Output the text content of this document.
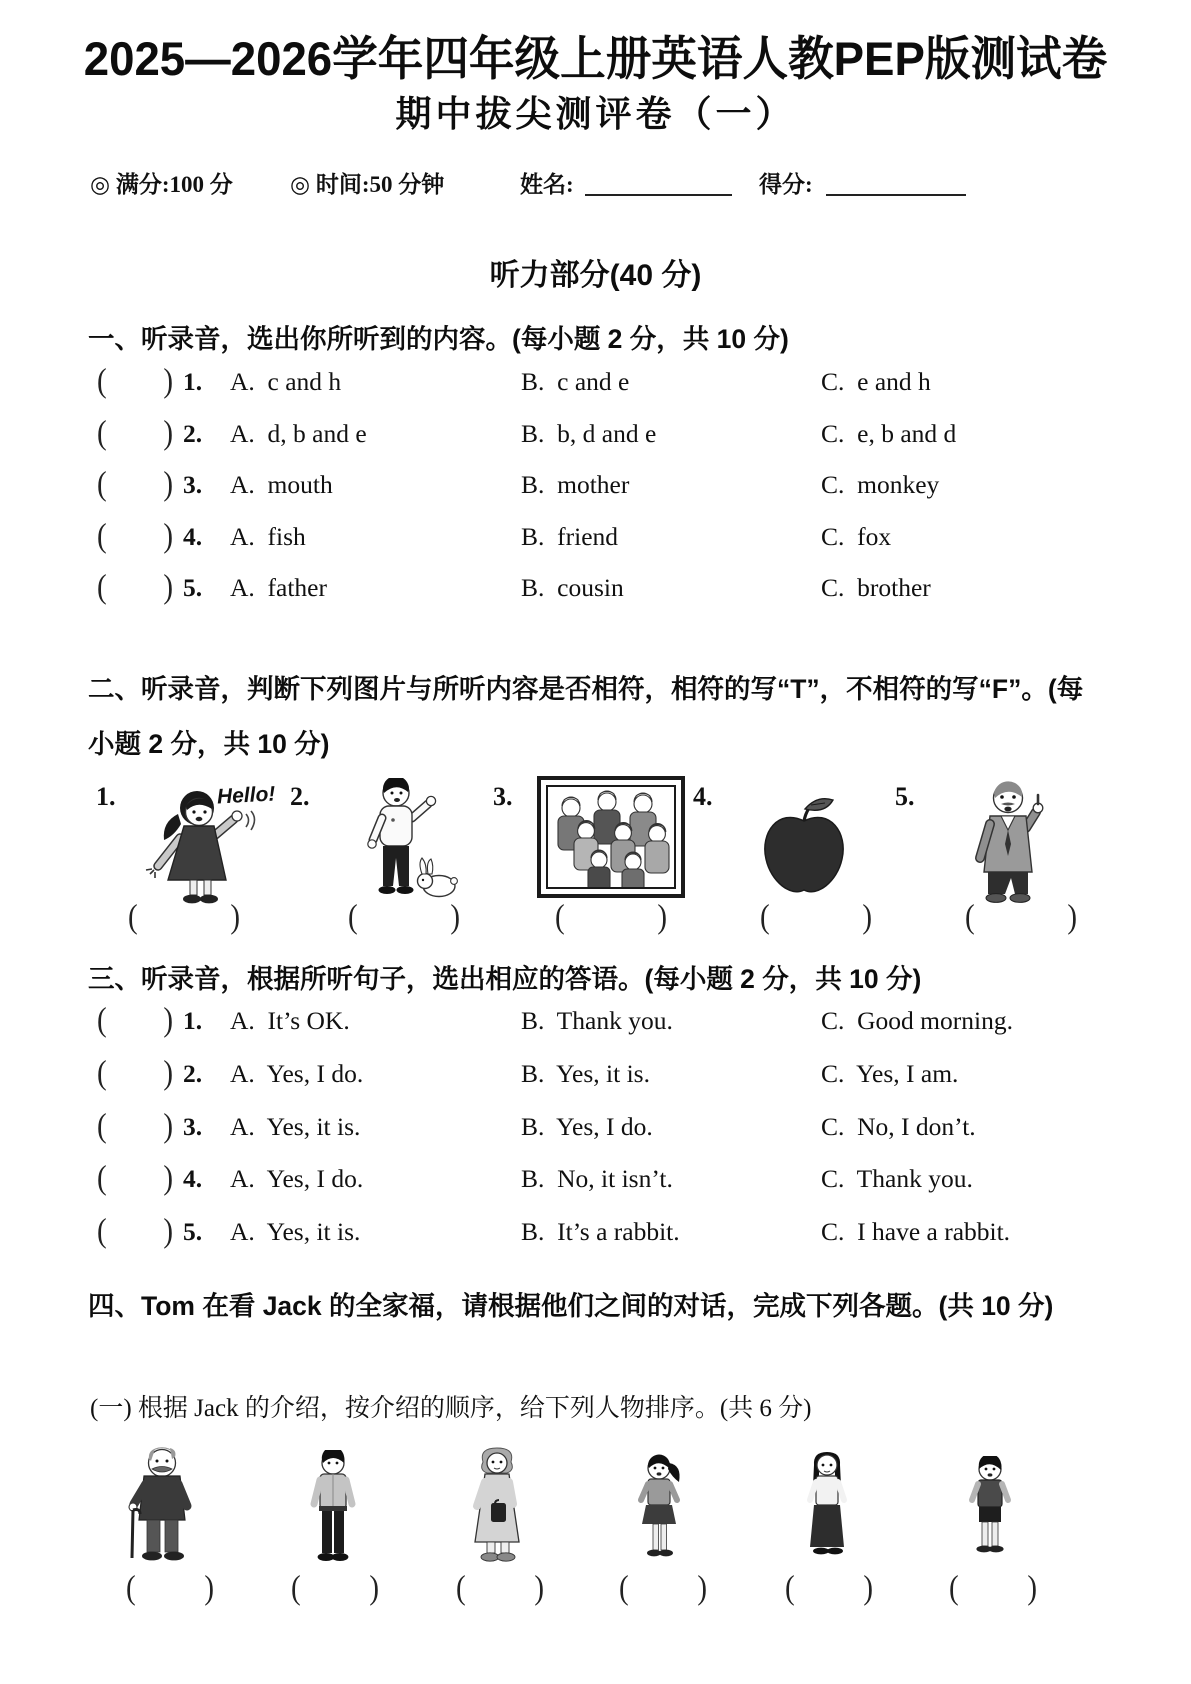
2025—2026学年四年级上册英语人教PEP版测试卷
期中拔尖测评卷（一）

◎ 满分:100 分

◎ 时间:50 分钟

	姓名:

	得分:

听力部分(40 分)
一、听录音，选出你所听到的内容。(每小题 2 分，共 10 分)
( ) 1. A.  c and h	B.  c and e	C.  e and h
( ) 2. A.  d, b and e	B.  b, d and e	C.  e, b and d
( ) 3. A.  mouth	B.  mother	C.  monkey
( ) 4. A.  fish	B.  friend	C.  fox
( ) 5. A.  father	B.  cousin	C.  brother
二、听录音，判断下列图片与所听内容是否相符，相符的写“T”，不相符的写“F”。(每小题 2 分，共 10 分)
1.	2.	3.	4.	5.
Hello!
(	)	(	)	(	)	(	)	(	)
三、听录音，根据所听句子，选出相应的答语。(每小题 2 分，共 10 分)
( ) 1. A.  It’s OK.	B.  Thank you.	C.  Good morning.
( ) 2. A.  Yes, I do.	B.  Yes, it is.	C.  Yes, I am.
( ) 3. A.  Yes, it is.	B.  Yes, I do.	C.  No, I don’t.
( ) 4. A.  Yes, I do.	B.  No, it isn’t.	C.  Thank you.
( ) 5. A.  Yes, it is.	B.  It’s a rabbit.	C.  I have a rabbit.
四、Tom 在看 Jack 的全家福，请根据他们之间的对话，完成下列各题。(共 10 分)
(一) 根据 Jack 的介绍，按介绍的顺序，给下列人物排序。(共 6 分)
( )	( )	( )	( )	( )	( )
